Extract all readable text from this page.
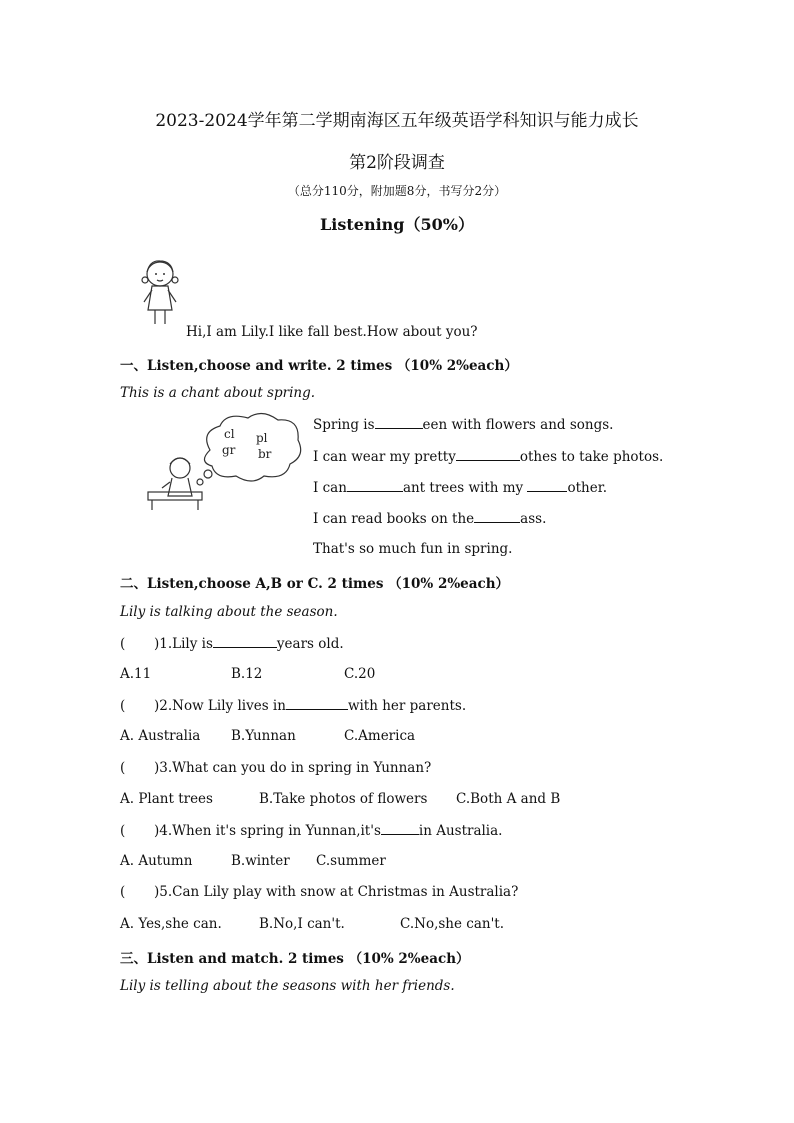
2023-2024学年第二学期南海区五年级英语学科知识与能力成长
第2阶段调查
（总分110分，附加题8分，书写分2分）
Listening（50%）
Hi,I am Lily.I like fall best.How about you?
一、Listen,choose and write. 2 times （10% 2%each）
This is a chant about spring.
cl pl
gr br
Spring is	een with flowers and songs.
I can wear my pretty	othes to take photos.
I can	ant trees with my	other.
I can read books on the	ass.
That's so much fun in spring.
二、Listen,choose A,B or C. 2 times （10% 2%each）
Lily is talking about the season.
( )1.Lily is	years old.
A.11	B.12	C.20
( )2.Now Lily lives in	with her parents.
A. Australia B.Yunnan	C.America
( )3.What can you do in spring in Yunnan?
A. Plant trees	B.Take photos of flowers C.Both A and B
( )4.When it's spring in Yunnan,it's	in Australia.
A. Autumn	B.winter C.summer
( )5.Can Lily play with snow at Christmas in Australia?
A. Yes,she can.	B.No,I can't.	C.No,she can't.
三、Listen and match. 2 times （10% 2%each）
Lily is telling about the seasons with her friends.
